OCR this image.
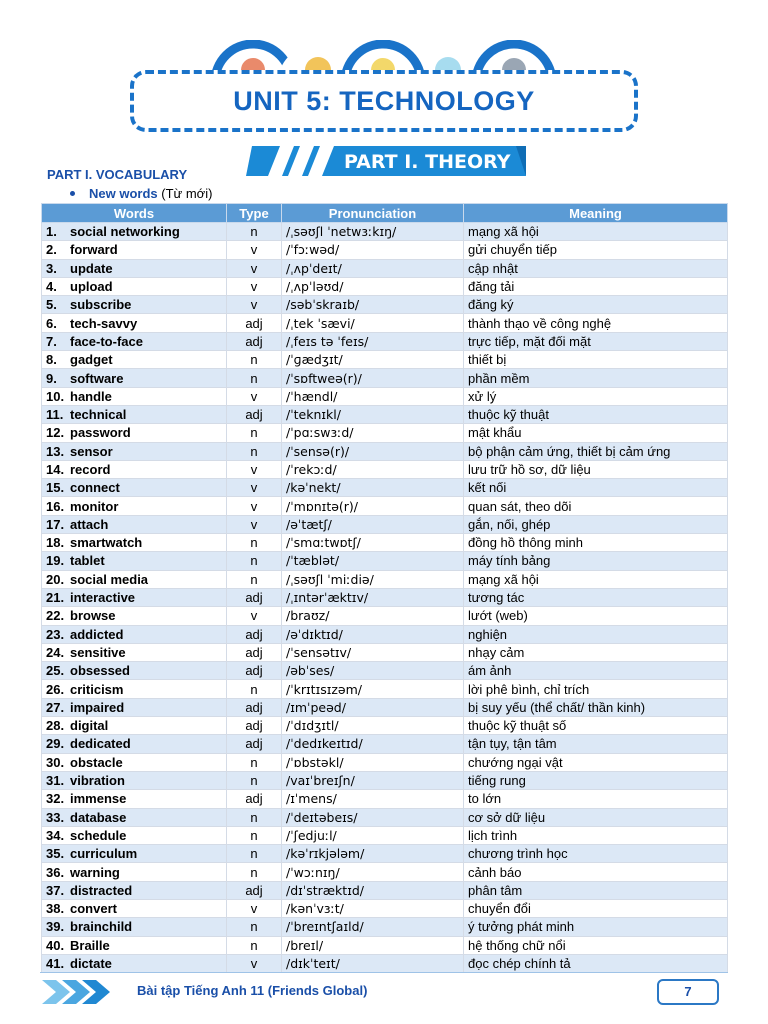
UNIT 5: TECHNOLOGY
PART I. THEORY
PART I. VOCABULARY
New words (Từ mới)
Words	Type	Pronunciation	Meaning
1. social networking	n	/ˌsəʊʃl ˈnetwɜːkɪŋ/	mạng xã hội
2. forward	v	/ˈfɔːwəd/	gửi chuyển tiếp
3. update	v	/ˌʌpˈdeɪt/	cập nhật
4. upload	v	/ˌʌpˈləʊd/	đăng tải
5. subscribe	v	/səbˈskraɪb/	đăng ký
6. tech-savvy	adj	/ˌtek ˈsævi/	thành thạo về công nghệ
7. face-to-face	adj	/ˌfeɪs tə ˈfeɪs/	trực tiếp, mặt đối mặt
8. gadget	n	/ˈɡædʒɪt/	thiết bị
9. software	n	/ˈsɒftweə(r)/	phần mềm
10. handle	v	/ˈhændl/	xử lý
11. technical	adj	/ˈteknɪkl/	thuộc kỹ thuật
12. password	n	/ˈpɑːswɜːd/	mật khẩu
13. sensor	n	/ˈsensə(r)/	bộ phận cảm ứng, thiết bị cảm ứng
14. record	v	/ˈrekɔːd/	lưu trữ hồ sơ, dữ liệu
15. connect	v	/kəˈnekt/	kết nối
16. monitor	v	/ˈmɒnɪtə(r)/	quan sát, theo dõi
17. attach	v	/əˈtætʃ/	gắn, nối, ghép
18. smartwatch	n	/ˈsmɑːtwɒtʃ/	đồng hồ thông minh
19. tablet	n	/ˈtæblət/	máy tính bảng
20. social media	n	/ˌsəʊʃl ˈmiːdiə/	mạng xã hội
21. interactive	adj	/ˌɪntərˈæktɪv/	tương tác
22. browse	v	/braʊz/	lướt (web)
23. addicted	adj	/əˈdɪktɪd/	nghiện
24. sensitive	adj	/ˈsensətɪv/	nhạy cảm
25. obsessed	adj	/əbˈses/	ám ảnh
26. criticism	n	/ˈkrɪtɪsɪzəm/	lời phê bình, chỉ trích
27. impaired	adj	/ɪmˈpeəd/	bị suy yếu (thể chất/ thần kinh)
28. digital	adj	/ˈdɪdʒɪtl/	thuộc kỹ thuật số
29. dedicated	adj	/ˈdedɪkeɪtɪd/	tận tụy, tận tâm
30. obstacle	n	/ˈɒbstəkl/	chướng ngại vật
31. vibration	n	/vaɪˈbreɪʃn/	tiếng rung
32. immense	adj	/ɪˈmens/	to lớn
33. database	n	/ˈdeɪtəbeɪs/	cơ sở dữ liệu
34. schedule	n	/ˈʃedjuːl/	lịch trình
35. curriculum	n	/kəˈrɪkjələm/	chương trình học
36. warning	n	/ˈwɔːnɪŋ/	cảnh báo
37. distracted	adj	/dɪˈstræktɪd/	phân tâm
38. convert	v	/kənˈvɜːt/	chuyển đổi
39. brainchild	n	/ˈbreɪntʃaɪld/	ý tưởng phát minh
40. Braille	n	/breɪl/	hệ thống chữ nổi
41. dictate	v	/dɪkˈteɪt/	đọc chép chính tả
Bài tập Tiếng Anh 11 (Friends Global)	7
